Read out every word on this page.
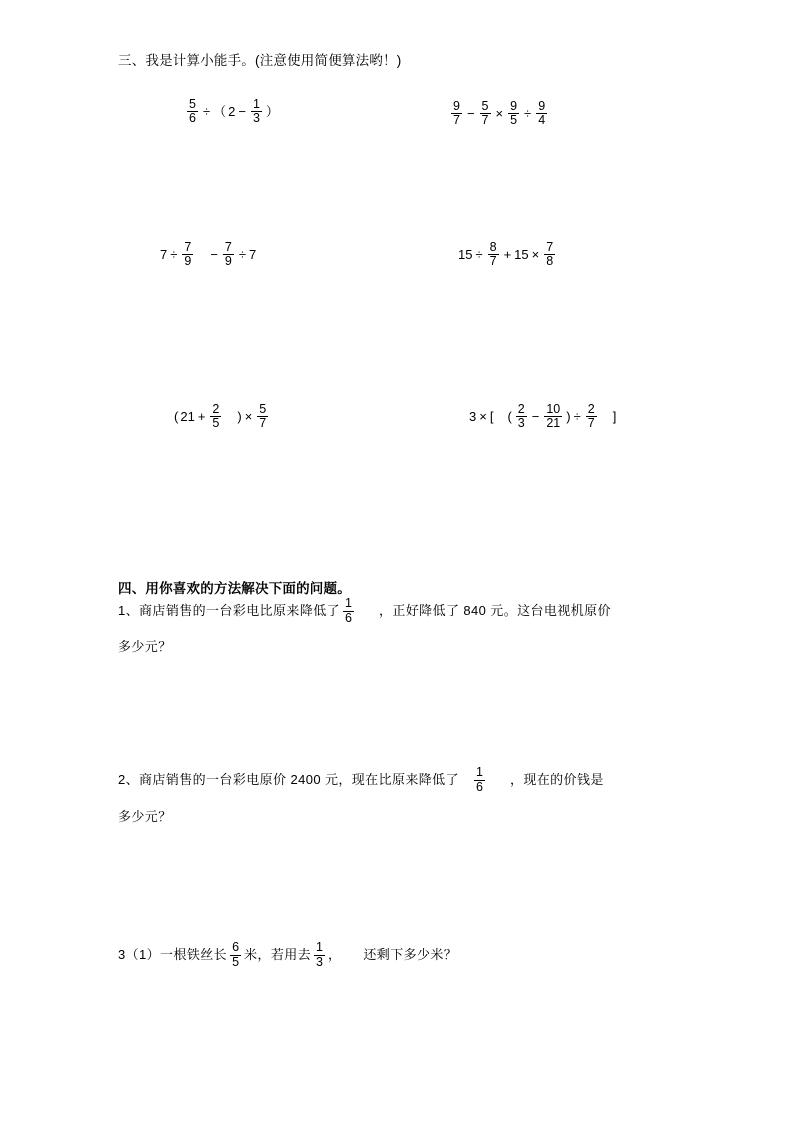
三、我是计算小能手。(注意使用简便算法哟！)
$\frac{5}{6}$ ÷ （ $2 - \frac{1}{3}$ ）	$\frac{9}{7} - \frac{5}{7} \times \frac{9}{5} \div \frac{9}{4}$
$7 \div \frac{7}{9} - \frac{7}{9} \div 7$	$15 \div \frac{8}{7} + 15 \times \frac{7}{8}$
( $21 + \frac{2}{5}$ ) × $\frac{5}{7}$	3 × [ ( $\frac{2}{3} - \frac{10}{21}$ ) ÷ $\frac{2}{7}$ ]
四、用你喜欢的方法解决下面的问题。
1、商店销售的一台彩电比原来降低了 $\frac{1}{6}$ ，正好降低了 840 元。这台电视机原价
多少元？
2、商店销售的一台彩电原价 2400 元，现在比原来降低了 $\frac{1}{6}$ ，现在的价钱是
多少元？
3（1）一根铁丝长 $\frac{6}{5}$ 米，若用去 $\frac{1}{3}$ ， 还剩下多少米？
